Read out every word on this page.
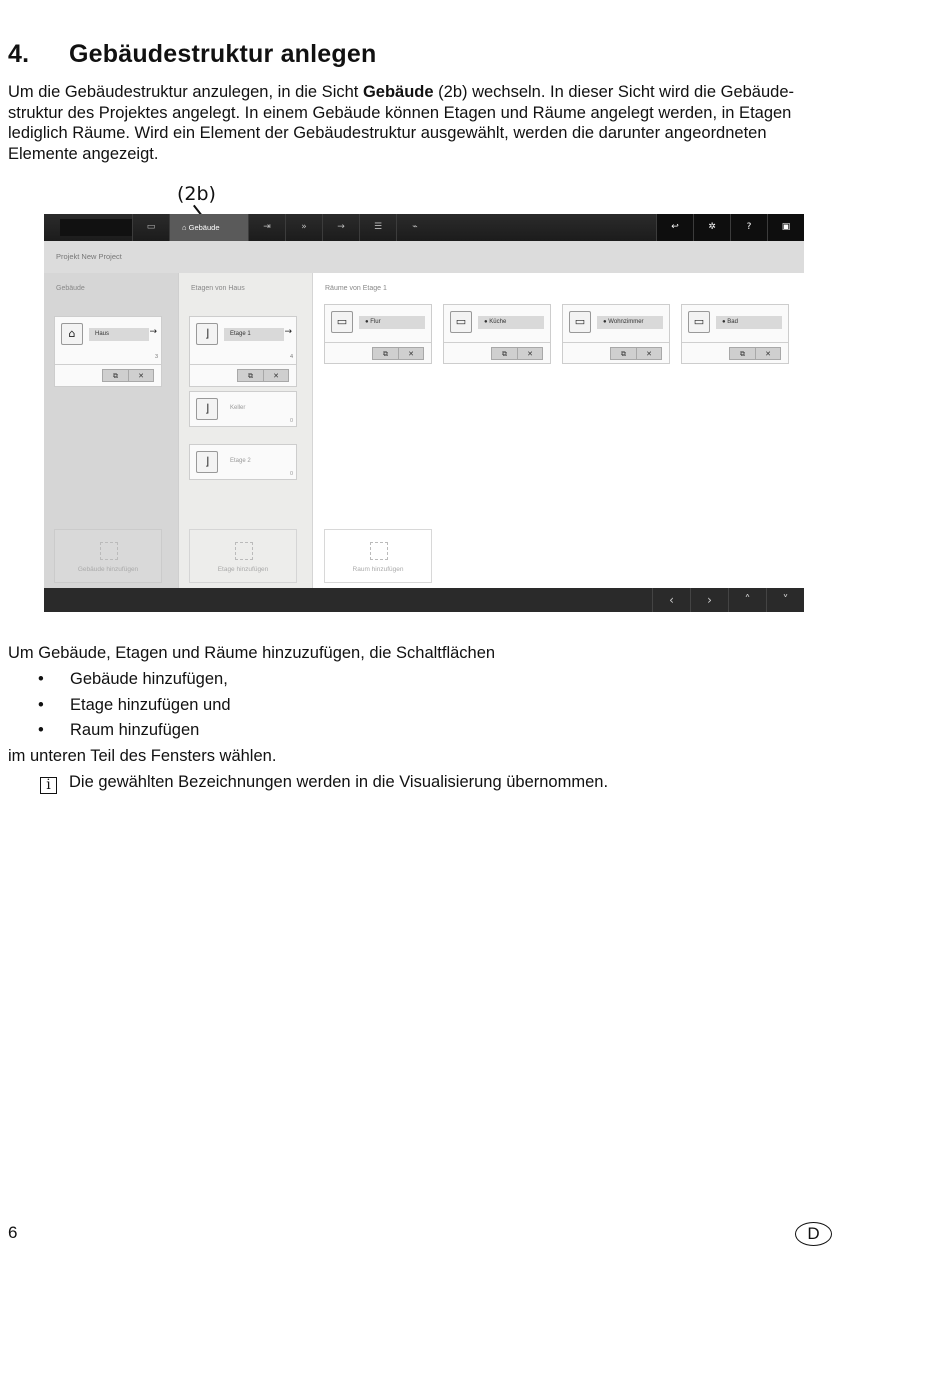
4. Gebäudestruktur anlegen

Um die Gebäudestruktur anzulegen, in die Sicht Gebäude (2b) wechseln. In dieser Sicht wird die Gebäudestruktur des Projektes angelegt. In einem Gebäude können Etagen und Räume angelegt werden, in Etagen lediglich Räume. Wird ein Element der Gebäudestruktur ausgewählt, werden die darunter angeordneten Elemente angezeigt.

(2b)
▭	⌂ Gebäude	⇥	»	→	☰	⌁	↩	✲	?	▣
Projekt New Project
Gebäude
⌂	Haus	→
3
⧉	✕
Gebäude hinzufügen
Etagen von Haus
⌋	Etage 1	→
4
⧉	✕
⌋	Keller
0
⌋	Etage 2
0
Etage hinzufügen
Räume von Etage 1
▭	● Flur
⧉	✕
▭	● Küche
⧉	✕
▭	● Wohnzimmer
⧉	✕
▭	● Bad
⧉	✕
Raum hinzufügen
‹	›	˄	˅

Um Gebäude, Etagen und Räume hinzuzufügen, die Schaltflächen

• Gebäude hinzufügen,
• Etage hinzufügen und
• Raum hinzufügen

im unteren Teil des Fensters wählen.

i Die gewählten Bezeichnungen werden in die Visualisierung übernommen.

6	D
